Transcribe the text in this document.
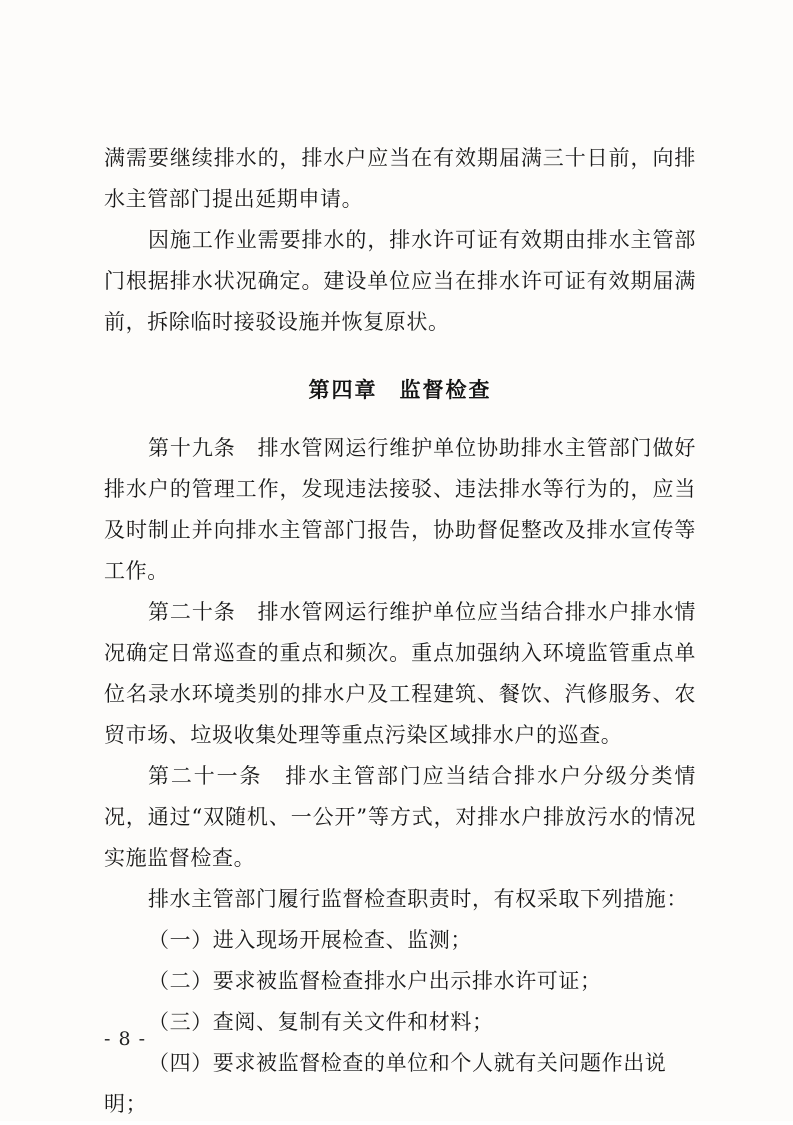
满需要继续排水的，排水户应当在有效期届满三十日前，向排水主管部门提出延期申请。

因施工作业需要排水的，排水许可证有效期由排水主管部门根据排水状况确定。建设单位应当在排水许可证有效期届满前，拆除临时接驳设施并恢复原状。

第四章 监督检查

第十九条　排水管网运行维护单位协助排水主管部门做好排水户的管理工作，发现违法接驳、违法排水等行为的，应当及时制止并向排水主管部门报告，协助督促整改及排水宣传等工作。

第二十条　排水管网运行维护单位应当结合排水户排水情况确定日常巡查的重点和频次。重点加强纳入环境监管重点单位名录水环境类别的排水户及工程建筑、餐饮、汽修服务、农贸市场、垃圾收集处理等重点污染区域排水户的巡查。

第二十一条　排水主管部门应当结合排水户分级分类情况，通过“双随机、一公开”等方式，对排水户排放污水的情况实施监督检查。

排水主管部门履行监督检查职责时，有权采取下列措施：

（一）进入现场开展检查、监测；
（二）要求被监督检查排水户出示排水许可证；
（三）查阅、复制有关文件和材料；
（四）要求被监督检查的单位和个人就有关问题作出说明；
- 8 -
